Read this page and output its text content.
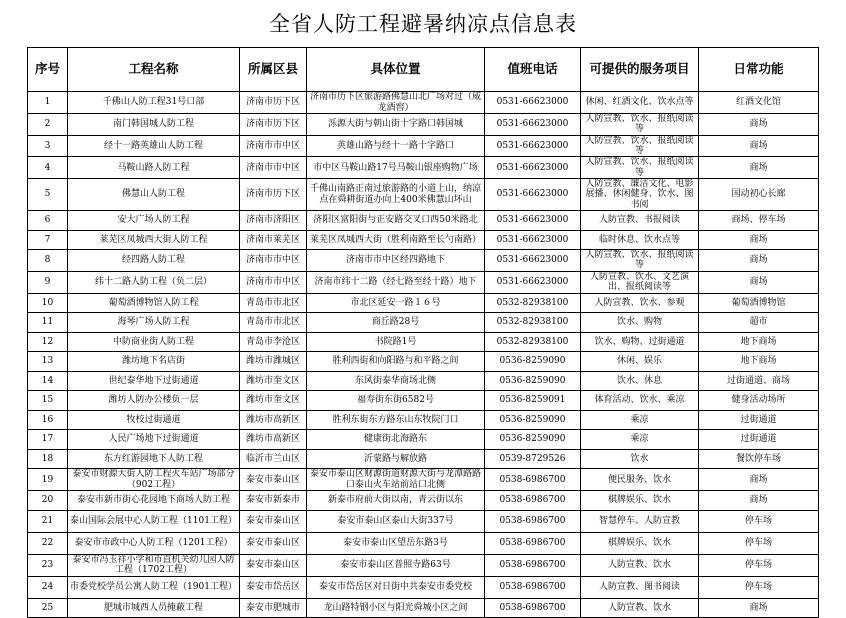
全省人防工程避暑纳凉点信息表
序号	工程名称	所属区县	具体位置	值班电话	可提供的服务项目	日常功能
1	千佛山人防工程31号口部	济南市历下区	济南市历下区旅游路佛慧山北广场对过（威龙酒窖）	0531-66623000	休闲、红酒文化、饮水点等	红酒文化馆
2	南门韩国城人防工程	济南市历下区	泺源大街与朝山街十字路口韩国城	0531-66623000	人防宣教、饮水、报纸阅读等	商场
3	经十一路英雄山人防工程	济南市市中区	英雄山路与经十一路十字路口	0531-66623000	人防宣教、饮水、报纸阅读等	商场
4	马鞍山路人防工程	济南市市中区	市中区马鞍山路17号马鞍山银座购物广场	0531-66623000	人防宣教、饮水、报纸阅读等	商场
5	佛慧山人防工程	济南市历下区	千佛山南路正南过旅游路的小道上山，纳凉点在舜耕街道办向上400米佛慧山坏山	0531-66623000	人防宣教、廉洁文化、电影展播、休闲健身、饮水、图书阅	国动初心长廊
6	安大广场人防工程	济南市济阳区	济阳区富阳街与正安路交叉口西50米路北	0531-66623000	人防宣教、书报阅读	商场、停车场
7	莱芜区凤城西大街人防工程	济南市莱芜区	莱芜区凤城西大街（胜利南路至长勺南路）	0531-66623000	临时休息、饮水点等	商场
8	经四路人防工程	济南市市中区	济南市市中区经四路地下	0531-66623000	人防宣教、饮水、报纸阅读等	商场
9	纬十二路人防工程（负二层）	济南市市中区	济南市纬十二路（经七路至经十路）地下	0531-66623000	人防宣教、饮水、文艺演出、报纸阅读等	商场
10	葡萄酒博物馆人防工程	青岛市市北区	市北区延安一路１６号	0532-82938100	人防宣教、饮水、参观	葡萄酒博物馆
11	海琴广场人防工程	青岛市市北区	商丘路28号	0532-82938100	饮水、购物	超市
12	中防商业街人防工程	青岛市李沧区	书院路1号	0532-82938100	饮水、购物、过街通道	地下商场
13	潍坊地下名店街	潍坊市潍城区	胜利西街和向阳路与和平路之间	0536-8259090	休闲、娱乐	地下商场
14	世纪泰华地下过街通道	潍坊市奎文区	东风街泰华商场北侧	0536-8259090	饮水、休息	过街通道、商场
15	潍坊人防办公楼负一层	潍坊市奎文区	福寿街东街6582号	0536-8259091	体育活动、饮水、乘凉	健身活动场所
16	牧校过街通道	潍坊市高新区	胜利东街东方路东山东牧院门口	0536-8259090	乘凉	过街通道
17	人民广场地下过街通道	潍坊市高新区	健康街北海路东	0536-8259090	乘凉	过街通道
18	东方红游园地下人防工程	临沂市兰山区	沂蒙路与解放路	0539-8729526	饮水	餐饮停车场
19	泰安市财源大街人防工程火车站广场部分（902工程）	泰安市泰山区	泰安市泰山区财源街道财源大街与龙潭路路口泰山火车站前站口北侧	0538-6986700	便民服务、饮水	商场
20	泰安市新市街心花园地下商场人防工程	泰安市新泰市	新泰市府前大街以南，青云街以东	0538-6986700	棋牌娱乐、饮水	商场
21	泰山国际会展中心人防工程（1101工程）	泰安市泰山区	泰安市泰山区泰山大街337号	0538-6986700	智慧停车、人防宣教	停车场
22	泰安市市政中心人防工程（1201工程）	泰安市泰山区	泰安市泰山区望岳东路3号	0538-6986700	棋牌娱乐、饮水	停车场
23	泰安市冯玉祥小学和市直机关幼儿园人防工程（1702工程）	泰安市泰山区	泰安市泰山区普照寺路63号	0538-6986700	人防宣教、饮水	停车场
24	市委党校学员公寓人防工程（1901工程）	泰安市岱岳区	泰安市岱岳区对日街中共泰安市委党校	0538-6986700	人防宣教、图书阅读	停车场
25	肥城市城西人员掩蔽工程	泰安市肥城市	龙山路特钢小区与阳光舜城小区之间	0538-6986700	人防宣教、饮水	商场
